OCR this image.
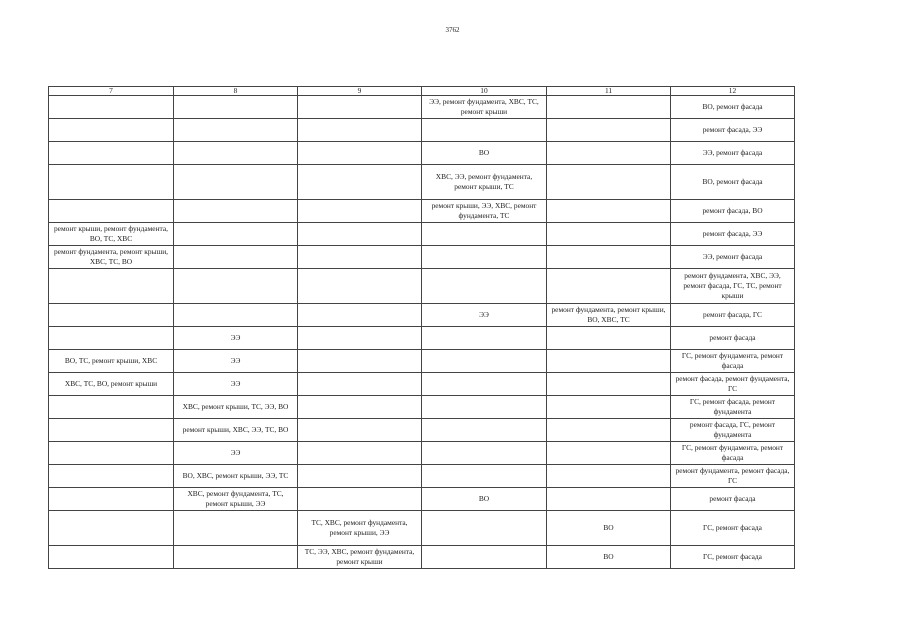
3762
7	8	9	10	11	12
			ЭЭ, ремонт фундамента, ХВС, ТС, ремонт крыши		ВО, ремонт фасада
					ремонт фасада, ЭЭ
			ВО		ЭЭ, ремонт фасада
			ХВС, ЭЭ, ремонт фундамента, ремонт крыши, ТС		ВО, ремонт фасада
			ремонт крыши, ЭЭ, ХВС, ремонт фундамента, ТС		ремонт фасада, ВО
ремонт крыши, ремонт фундамента, ВО, ТС, ХВС					ремонт фасада, ЭЭ
ремонт фундамента, ремонт крыши, ХВС, ТС, ВО					ЭЭ, ремонт фасада
					ремонт фундамента, ХВС, ЭЭ, ремонт фасада, ГС, ТС, ремонт крыши
			ЭЭ	ремонт фундамента, ремонт крыши, ВО, ХВС, ТС	ремонт фасада, ГС
	ЭЭ				ремонт фасада
ВО, ТС, ремонт крыши, ХВС	ЭЭ				ГС, ремонт фундамента, ремонт фасада
ХВС, ТС, ВО, ремонт крыши	ЭЭ				ремонт фасада, ремонт фундамента, ГС
	ХВС, ремонт крыши, ТС, ЭЭ, ВО				ГС, ремонт фасада, ремонт фундамента
	ремонт крыши, ХВС, ЭЭ, ТС, ВО				ремонт фасада, ГС, ремонт фундамента
	ЭЭ				ГС, ремонт фундамента, ремонт фасада
	ВО, ХВС, ремонт крыши, ЭЭ, ТС				ремонт фундамента, ремонт фасада, ГС
	ХВС, ремонт фундамента, ТС, ремонт крыши, ЭЭ		ВО		ремонт фасада
		ТС, ХВС, ремонт фундамента, ремонт крыши, ЭЭ		ВО	ГС, ремонт фасада
		ТС, ЭЭ, ХВС, ремонт фундамента, ремонт крыши		ВО	ГС, ремонт фасада
